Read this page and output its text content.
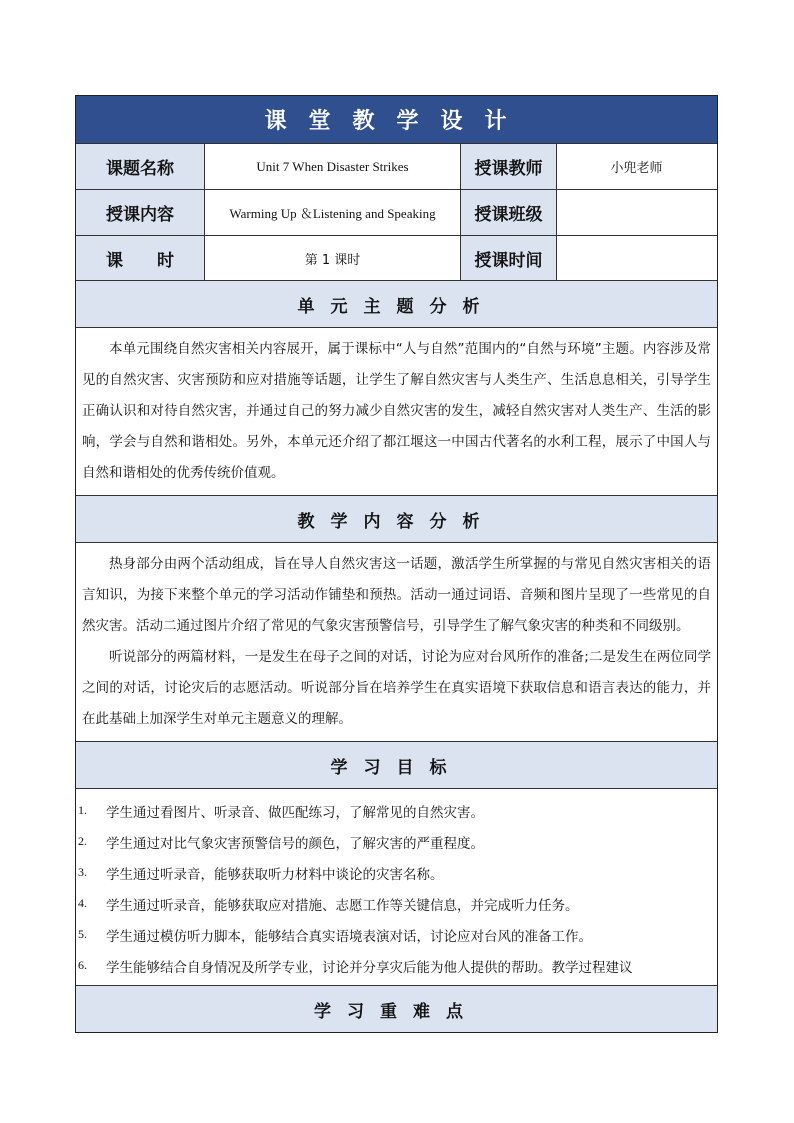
课堂教学设计
课题名称	Unit 7 When Disaster Strikes	授课教师	小兜老师
授课内容	Warming Up ＆Listening and Speaking	授课班级
课　　时	第 1 课时	授课时间
单元主题分析

本单元围绕自然灾害相关内容展开，属于课标中“人与自然”范围内的“自然与环境”主题。内容涉及常见的自然灾害、灾害预防和应对措施等话题，让学生了解自然灾害与人类生产、生活息息相关，引导学生正确认识和对待自然灾害，并通过自己的努力减少自然灾害的发生，减轻自然灾害对人类生产、生活的影响，学会与自然和谐相处。另外，本单元还介绍了都江堰这一中国古代著名的水利工程，展示了中国人与自然和谐相处的优秀传统价值观。

教学内容分析

热身部分由两个活动组成，旨在导人自然灾害这一话题，激活学生所掌握的与常见自然灾害相关的语言知识，为接下来整个单元的学习活动作铺垫和预热。活动一通过词语、音频和图片呈现了一些常见的自然灾害。活动二通过图片介绍了常见的气象灾害预警信号，引导学生了解气象灾害的种类和不同级别。

听说部分的两篇材料，一是发生在母子之间的对话，讨论为应对台风所作的准备;二是发生在两位同学之间的对话，讨论灾后的志愿活动。听说部分旨在培养学生在真实语境下获取信息和语言表达的能力，并在此基础上加深学生对单元主题意义的理解。

学习目标
1.	学生通过看图片、听录音、做匹配练习，了解常见的自然灾害。
2.	学生通过对比气象灾害预警信号的颜色，了解灾害的严重程度。
3.	学生通过听录音，能够获取听力材料中谈论的灾害名称。
4.	学生通过听录音，能够获取应对措施、志愿工作等关键信息，并完成听力任务。
5.	学生通过模仿听力脚本，能够结合真实语境表演对话，讨论应对台风的准备工作。
6.	学生能够结合自身情况及所学专业，讨论并分享灾后能为他人提供的帮助。教学过程建议
学习重难点
